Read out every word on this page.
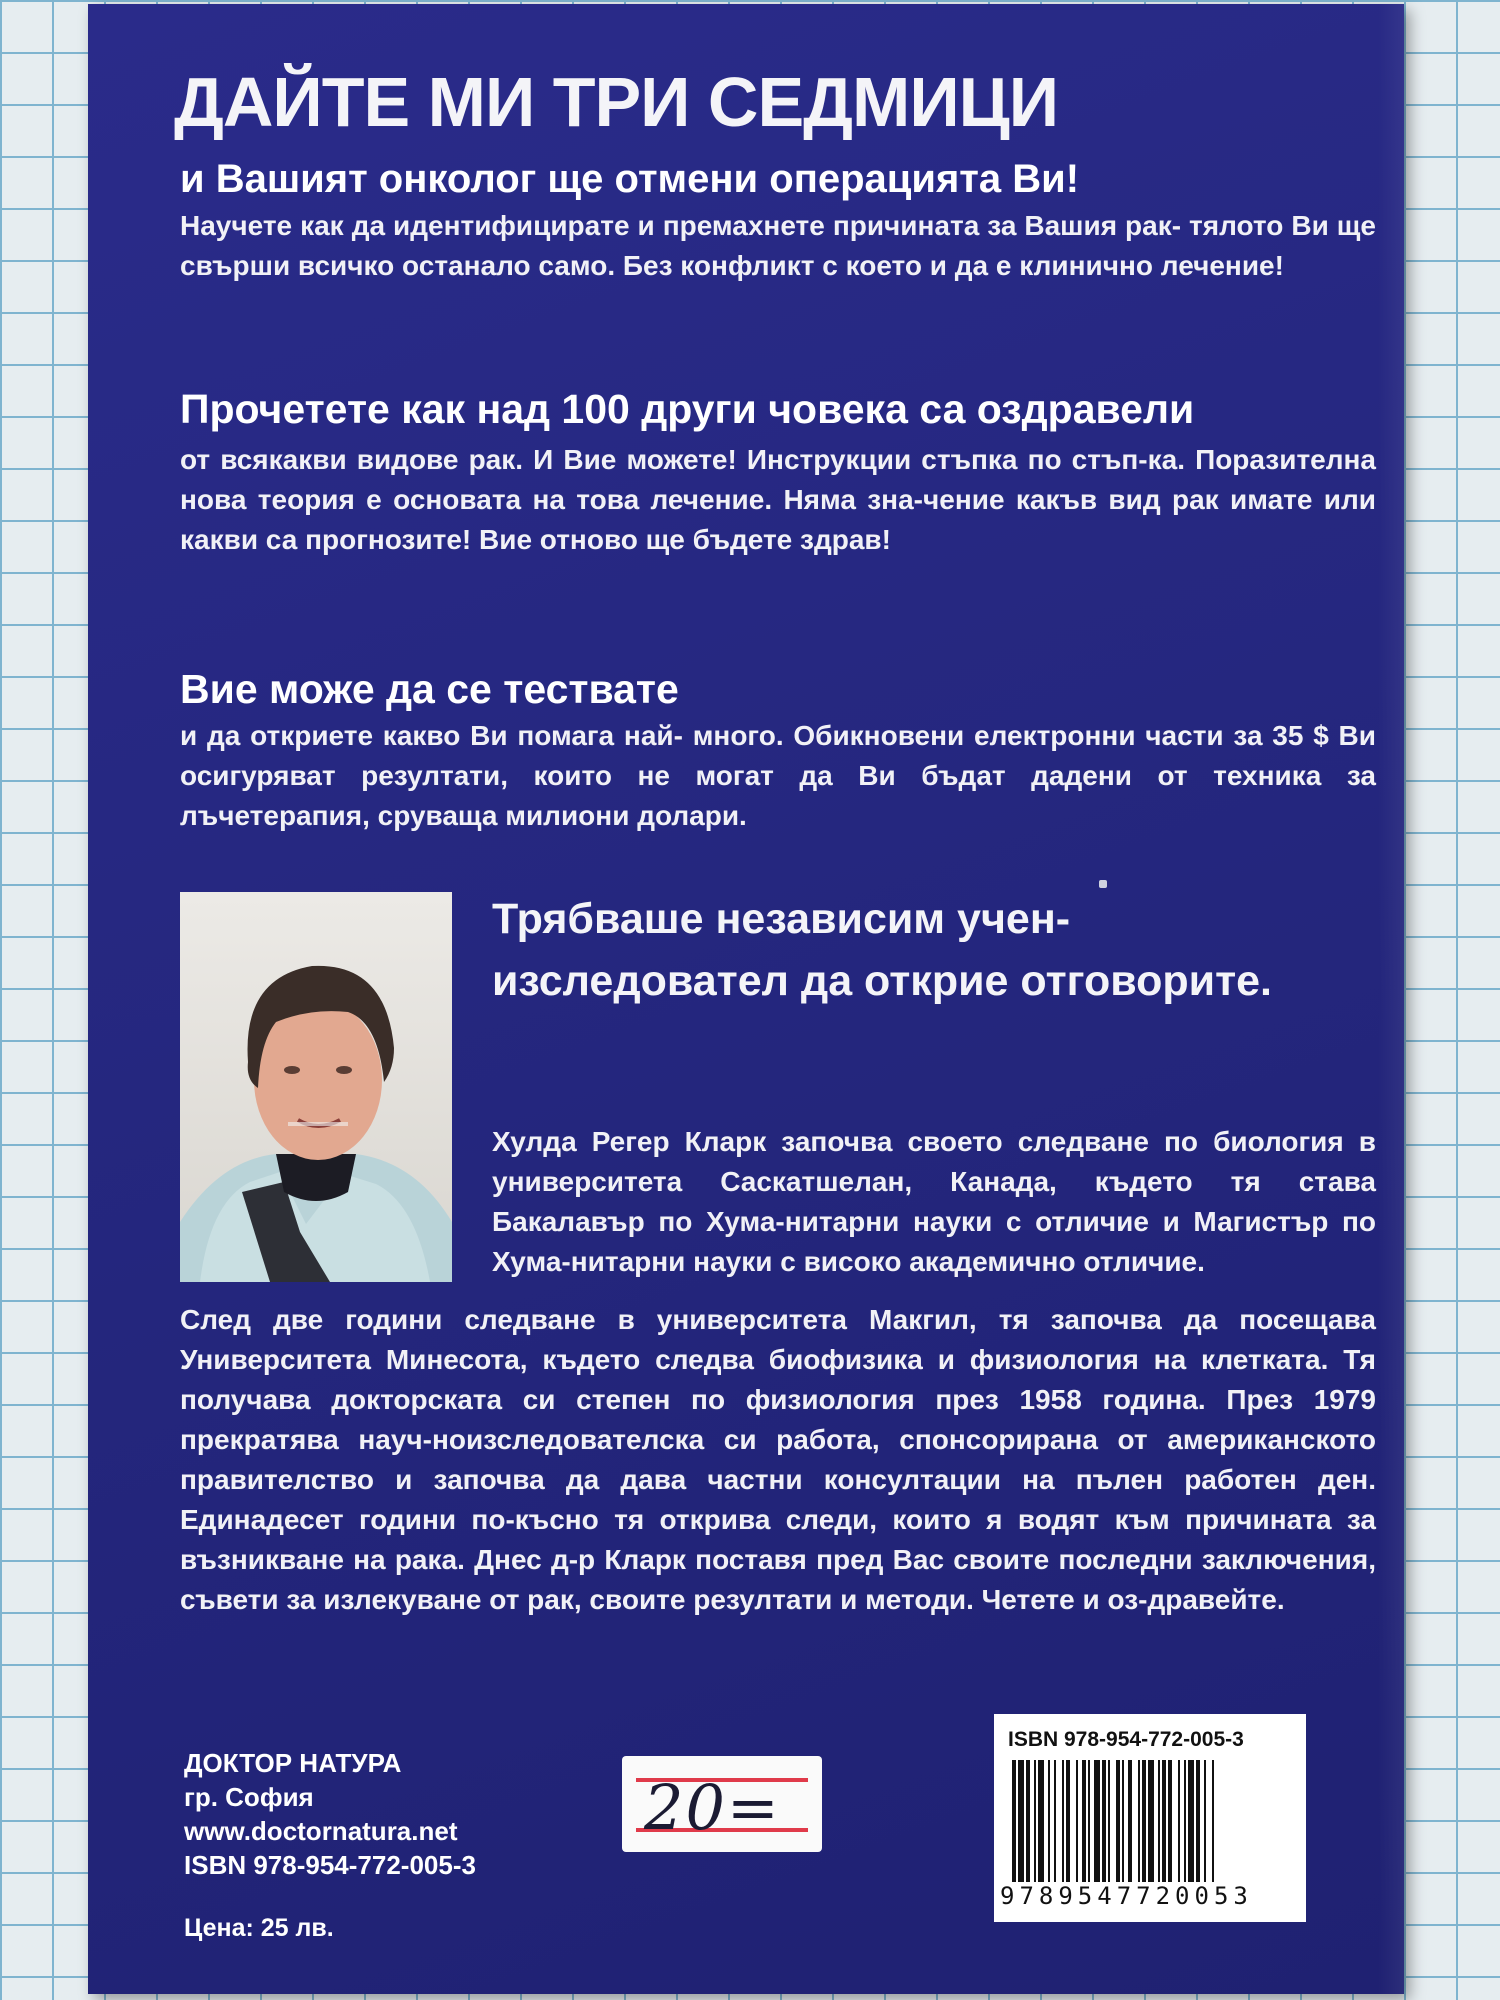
ДАЙТЕ МИ ТРИ СЕДМИЦИ
и Вашият онколог ще отмени операцията Ви!

Научете как да идентифицирате и премахнете причината за Вашия рак- тялото Ви ще свърши всичко останало само. Без конфликт с което и да е клинично лечение!

Прочетете как над 100 други човека са оздравели

от всякакви видове рак. И Вие можете! Инструкции стъпка по стъп-ка. Поразителна нова теория е основата на това лечение. Няма зна-чение какъв вид рак имате или какви са прогнозите! Вие отново ще бъдете здрав!

Вие може да се тествате

и да откриете какво Ви помага най- много. Обикновени електронни части за 35 $ Ви осигуряват резултати, които не могат да Ви бъдат дадени от техника за лъчетерапия, сруваща милиони долари.

Трябваше независим учен-изследовател да открие отговорите.

Хулда Регер Кларк започва своето следване по биология в университета Саскатшелан, Канада, където тя става Бакалавър по Хума-нитарни науки с отличие и Магистър по Хума-нитарни науки с високо академично отличие.

След две години следване в университета Макгил, тя започва да посещава Университета Минесота, където следва биофизика и физиология на клетката. Тя получава докторската си степен по физиология през 1958 година. През 1979 прекратява науч-ноизследователска си работа, спонсорирана от американското правителство и започва да дава частни консултации на пълен работен ден. Единадесет години по-късно тя открива следи, които я водят към причината за възникване на рака. Днес д-р Кларк поставя пред Вас своите последни заключения, съвети за излекуване от рак, своите резултати и методи. Четете и оз-дравейте.

ДОКТОР НАТУРА
гр. София
www.doctornatura.net
ISBN 978-954-772-005-3
Цена: 25 лв.
20=
ISBN 978-954-772-005-3
9789547720053
